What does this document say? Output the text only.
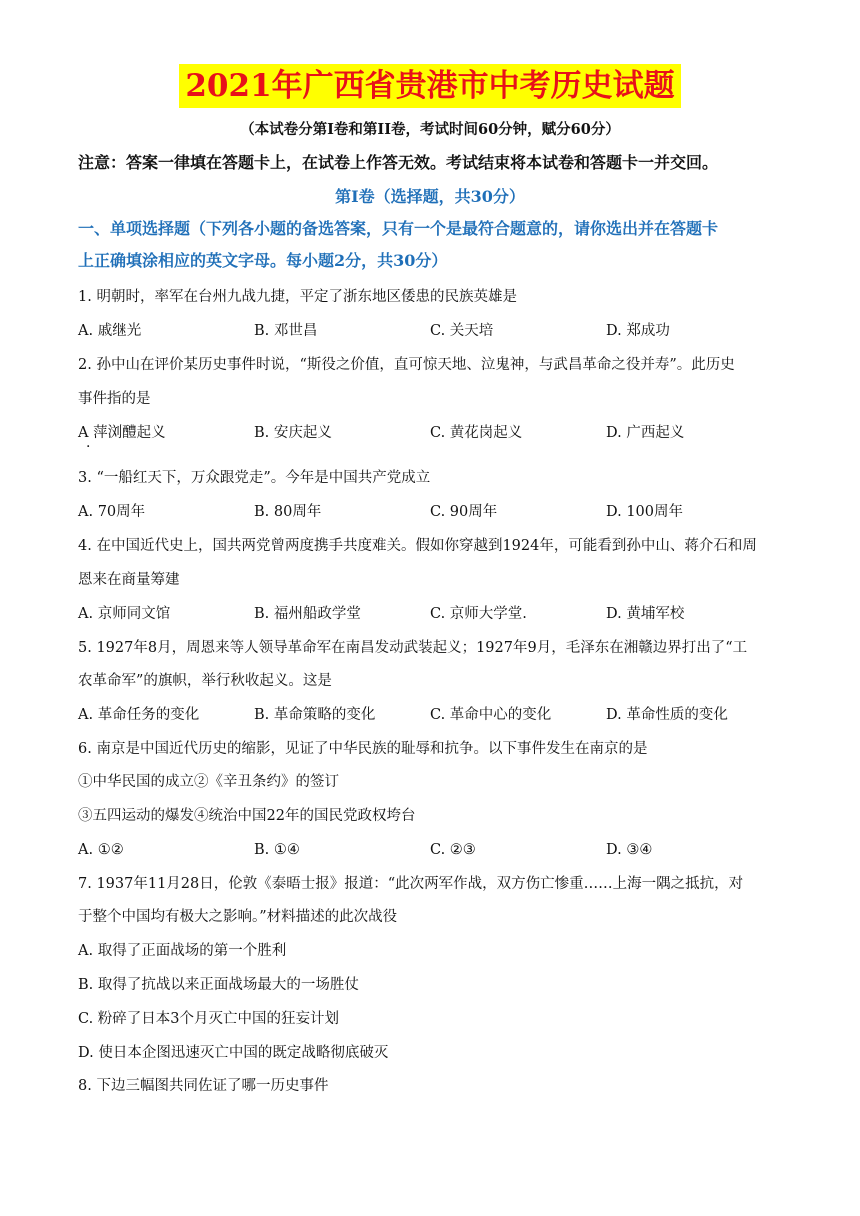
2021年广西省贵港市中考历史试题
（本试卷分第Ⅰ卷和第II卷，考试时间60分钟，赋分60分）
注意：答案一律填在答题卡上，在试卷上作答无效。考试结束将本试卷和答题卡一并交回。
第Ⅰ卷（选择题，共30分）
一、单项选择题（下列各小题的备选答案，只有一个是最符合题意的，请你选出并在答题卡
上正确填涂相应的英文字母。每小题2分，共30分）
1. 明朝时，率军在台州九战九捷，平定了浙东地区倭患的民族英雄是
A. 戚继光	B. 邓世昌	C. 关天培	D. 郑成功
2. 孙中山在评价某历史事件时说，“斯役之价值，直可惊天地、泣鬼神，与武昌革命之役并寿”。此历史
事件指的是
A 萍浏醴起义	B. 安庆起义	C. 黄花岗起义	D. 广西起义
·
3. “一船红天下，万众跟党走”。今年是中国共产党成立
A. 70周年	B. 80周年	C. 90周年	D. 100周年
4. 在中国近代史上，国共两党曾两度携手共度难关。假如你穿越到1924年，可能看到孙中山、蒋介石和周
恩来在商量筹建
A. 京师同文馆	B. 福州船政学堂	C. 京师大学堂.	D. 黄埔军校
5. 1927年8月，周恩来等人领导革命军在南昌发动武装起义；1927年9月，毛泽东在湘赣边界打出了“工
农革命军”的旗帜，举行秋收起义。这是
A. 革命任务的变化	B. 革命策略的变化	C. 革命中心的变化	D. 革命性质的变化
6. 南京是中国近代历史的缩影，见证了中华民族的耻辱和抗争。以下事件发生在南京的是
①中华民国的成立②《辛丑条约》的签订
③五四运动的爆发④统治中国22年的国民党政权垮台
A. ①②	B. ①④	C. ②③	D. ③④
7. 1937年11月28日，伦敦《泰晤士报》报道：“此次两军作战，双方伤亡惨重……上海一隅之抵抗，对
于整个中国均有极大之影响。”材料描述的此次战役
A. 取得了正面战场的第一个胜利
B. 取得了抗战以来正面战场最大的一场胜仗
C. 粉碎了日本3个月灭亡中国的狂妄计划
D. 使日本企图迅速灭亡中国的既定战略彻底破灭
8. 下边三幅图共同佐证了哪一历史事件
